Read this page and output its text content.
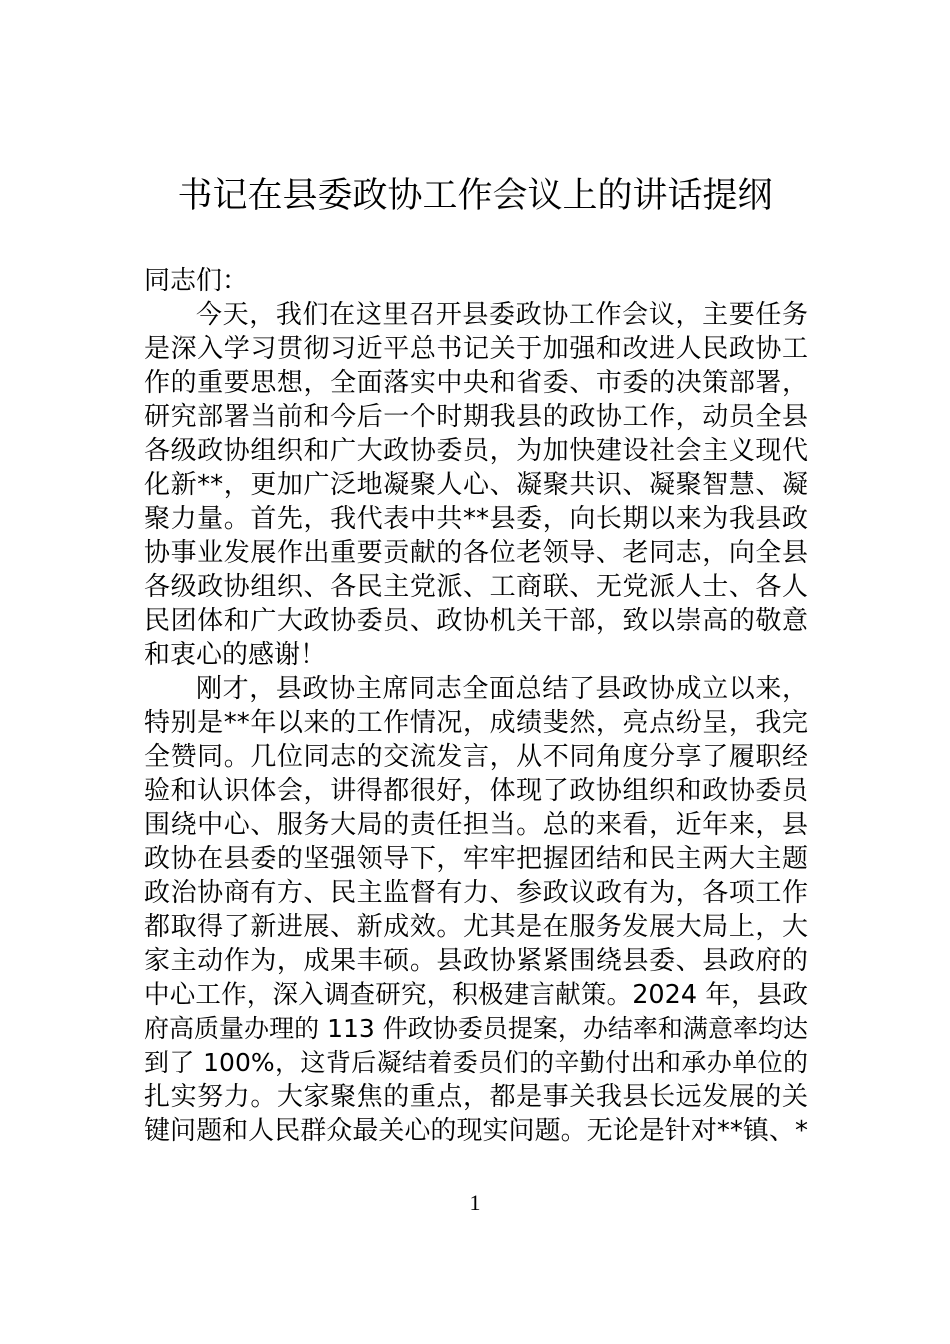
书记在县委政协工作会议上的讲话提纲
同志们：
今天，我们在这里召开县委政协工作会议，主要任务
是深入学习贯彻习近平总书记关于加强和改进人民政协工
作的重要思想，全面落实中央和省委、市委的决策部署，
研究部署当前和今后一个时期我县的政协工作，动员全县
各级政协组织和广大政协委员，为加快建设社会主义现代
化新**，更加广泛地凝聚人心、凝聚共识、凝聚智慧、凝
聚力量。首先，我代表中共**县委，向长期以来为我县政
协事业发展作出重要贡献的各位老领导、老同志，向全县
各级政协组织、各民主党派、工商联、无党派人士、各人
民团体和广大政协委员、政协机关干部，致以崇高的敬意
和衷心的感谢！
刚才，县政协主席同志全面总结了县政协成立以来，
特别是**年以来的工作情况，成绩斐然，亮点纷呈，我完
全赞同。几位同志的交流发言，从不同角度分享了履职经
验和认识体会，讲得都很好，体现了政协组织和政协委员
围绕中心、服务大局的责任担当。总的来看，近年来，县
政协在县委的坚强领导下，牢牢把握团结和民主两大主题
政治协商有方、民主监督有力、参政议政有为，各项工作
都取得了新进展、新成效。尤其是在服务发展大局上，大
家主动作为，成果丰硕。县政协紧紧围绕县委、县政府的
中心工作，深入调查研究，积极建言献策。2024 年，县政
府高质量办理的 113 件政协委员提案，办结率和满意率均达
到了 100%，这背后凝结着委员们的辛勤付出和承办单位的
扎实努力。大家聚焦的重点，都是事关我县长远发展的关
键问题和人民群众最关心的现实问题。无论是针对**镇、*
1
